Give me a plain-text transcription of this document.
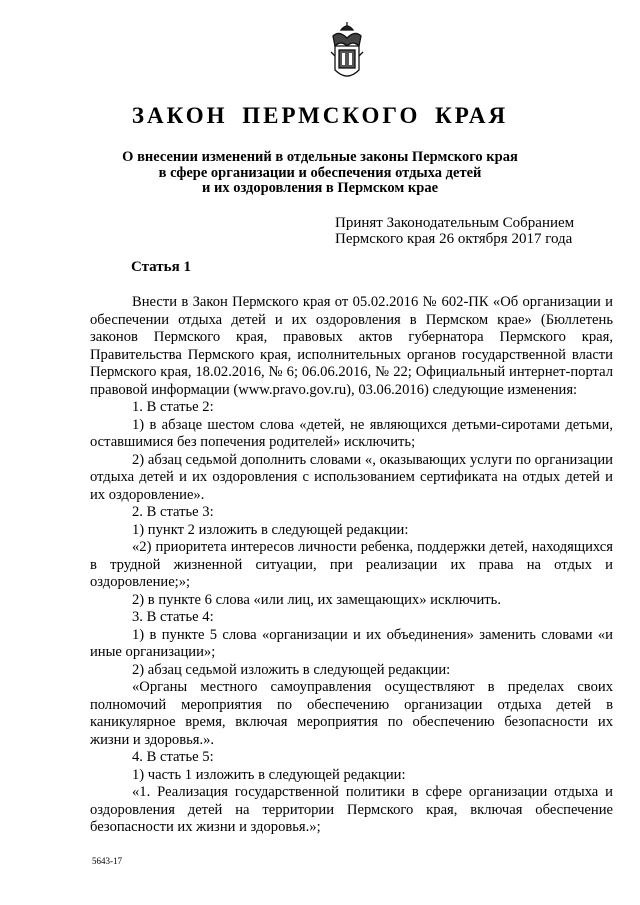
ЗАКОН ПЕРМСКОГО КРАЯ
О внесении изменений в отдельные законы Пермского края
в сфере организации и обеспечения отдыха детей
и их оздоровления в Пермском крае
Принят Законодательным Собранием
Пермского края 26 октября 2017 года
Статья 1

Внести в Закон Пермского края от 05.02.2016 № 602-ПК «Об организации и обеспечении отдыха детей и их оздоровления в Пермском крае» (Бюллетень законов Пермского края, правовых актов губернатора Пермского края, Правительства Пермского края, исполнительных органов государственной власти Пермского края, 18.02.2016, № 6; 06.06.2016, № 22; Официальный интернет-портал правовой информации (www.pravo.gov.ru), 03.06.2016) следующие изменения:

1. В статье 2:

1) в абзаце шестом слова «детей, не являющихся детьми-сиротами детьми, оставшимися без попечения родителей» исключить;

2) абзац седьмой дополнить словами «, оказывающих услуги по организации отдыха детей и их оздоровления с использованием сертификата на отдых детей и их оздоровление».

2. В статье 3:

1) пункт 2 изложить в следующей редакции:

«2) приоритета интересов личности ребенка, поддержки детей, находящихся в трудной жизненной ситуации, при реализации их права на отдых и оздоровление;»;

2) в пункте 6 слова «или лиц, их замещающих» исключить.

3. В статье 4:

1) в пункте 5 слова «организации и их объединения» заменить словами «и иные организации»;

2) абзац седьмой изложить в следующей редакции:

«Органы местного самоуправления осуществляют в пределах своих полномочий мероприятия по обеспечению организации отдыха детей в каникулярное время, включая мероприятия по обеспечению безопасности их жизни и здоровья.».

4. В статье 5:

1) часть 1 изложить в следующей редакции:

«1. Реализация государственной политики в сфере организации отдыха и оздоровления детей на территории Пермского края, включая обеспечение безопасности их жизни и здоровья.»;

5643-17
